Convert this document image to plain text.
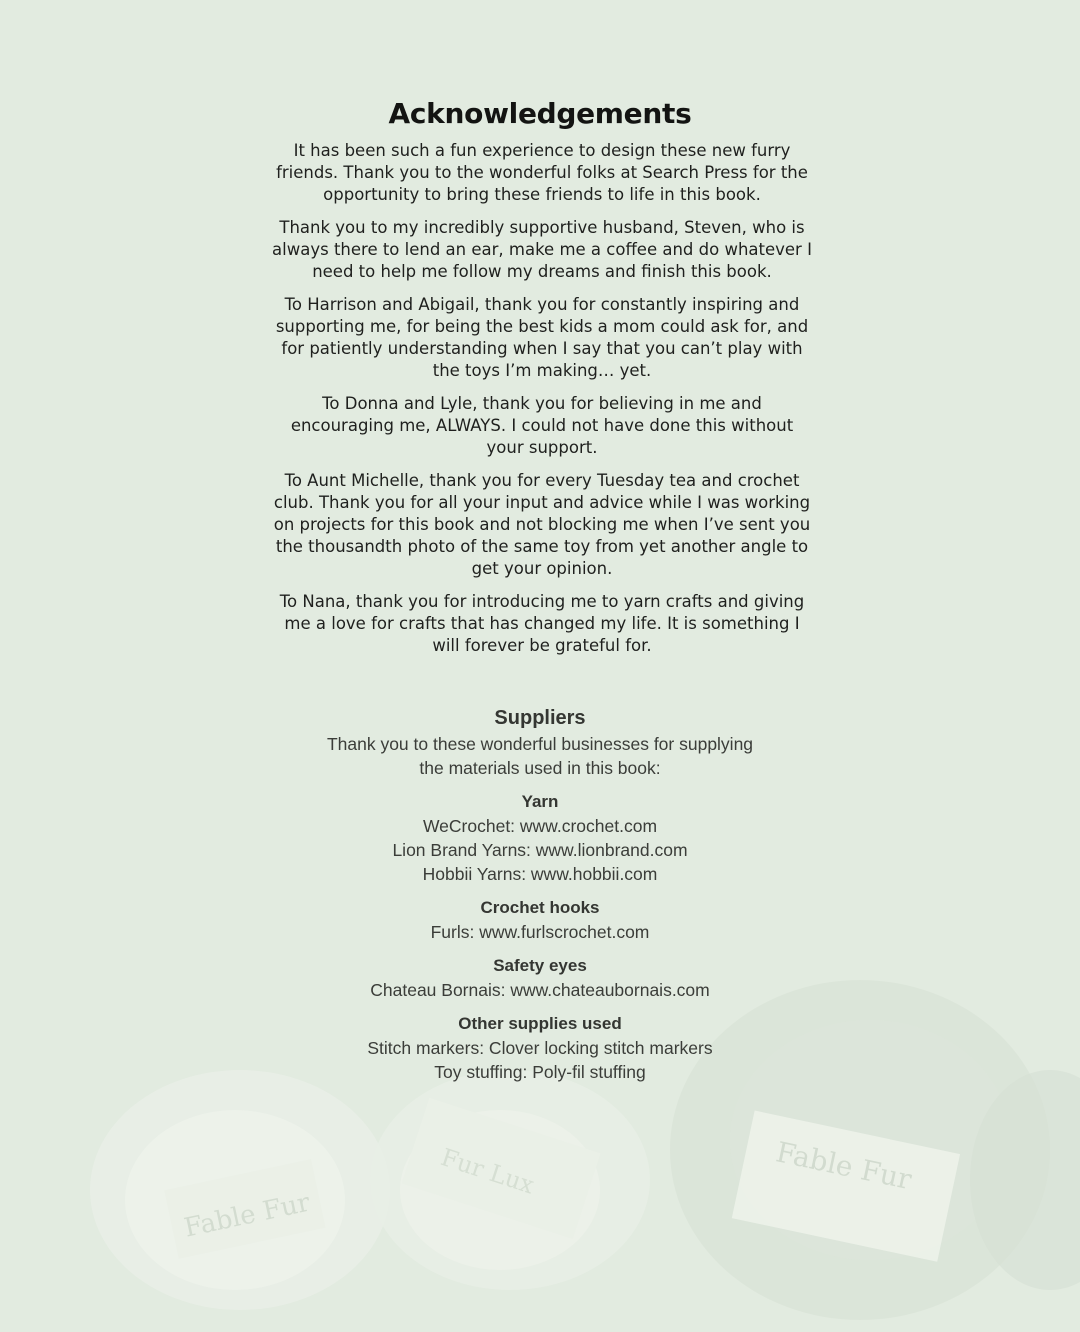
Fable Fur
Fur Lux	Fable Fur
Acknowledgements

It has been such a fun experience to design these new furry friends. Thank you to the wonderful folks at Search Press for the opportunity to bring these friends to life in this book.

Thank you to my incredibly supportive husband, Steven, who is always there to lend an ear, make me a coffee and do whatever I need to help me follow my dreams and finish this book.

To Harrison and Abigail, thank you for constantly inspiring and supporting me, for being the best kids a mom could ask for, and for patiently understanding when I say that you can’t play with the toys I’m making… yet.

To Donna and Lyle, thank you for believing in me and encouraging me, ALWAYS. I could not have done this without your support.

To Aunt Michelle, thank you for every Tuesday tea and crochet club. Thank you for all your input and advice while I was working on projects for this book and not blocking me when I’ve sent you the thousandth photo of the same toy from yet another angle to get your opinion.

To Nana, thank you for introducing me to yarn crafts and giving me a love for crafts that has changed my life. It is something I will forever be grateful for.

Suppliers
Thank you to these wonderful businesses for supplying
the materials used in this book:
Yarn
WeCrochet: www.crochet.com
Lion Brand Yarns: www.lionbrand.com
Hobbii Yarns: www.hobbii.com
Crochet hooks
Furls: www.furlscrochet.com
Safety eyes
Chateau Bornais: www.chateaubornais.com
Other supplies used
Stitch markers: Clover locking stitch markers
Toy stuffing: Poly-fil stuffing
